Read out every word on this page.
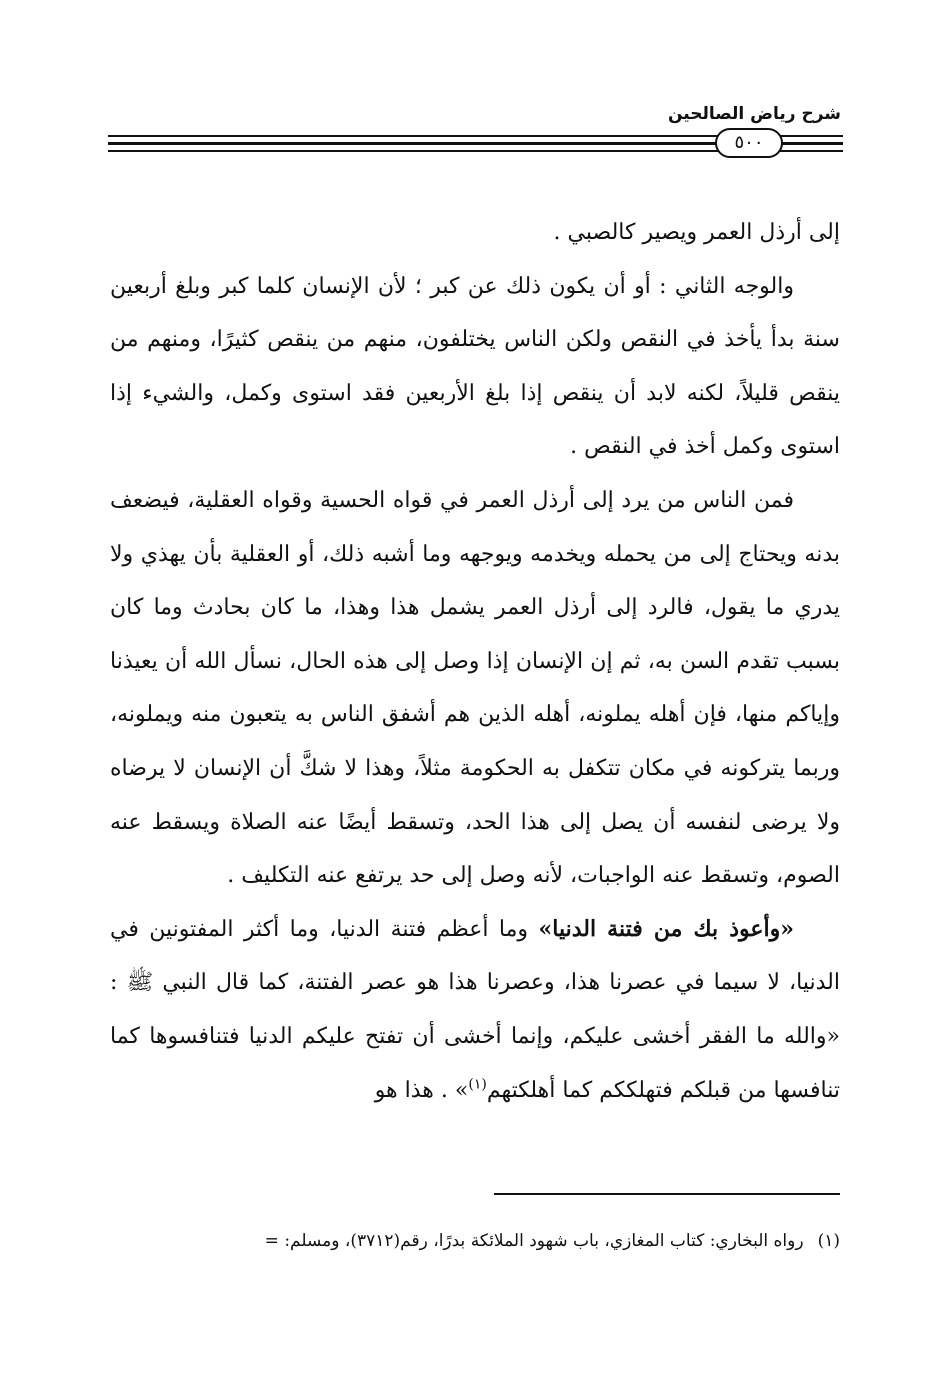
شرح رياض الصالحين
٥٠٠

إلى أرذل العمر ويصير كالصبي .

والوجه الثاني : أو أن يكون ذلك عن كبر ؛ لأن الإنسان كلما كبر وبلغ أربعين سنة بدأ يأخذ في النقص ولكن الناس يختلفون، منهم من ينقص كثيرًا، ومنهم من ينقص قليلاً، لكنه لابد أن ينقص إذا بلغ الأربعين فقد استوى وكمل، والشيء إذا استوى وكمل أخذ في النقص .

فمن الناس من يرد إلى أرذل العمر في قواه الحسية وقواه العقلية، فيضعف بدنه ويحتاج إلى من يحمله ويخدمه ويوجهه وما أشبه ذلك، أو العقلية بأن يهذي ولا يدري ما يقول، فالرد إلى أرذل العمر يشمل هذا وهذا، ما كان بحادث وما كان بسبب تقدم السن به، ثم إن الإنسان إذا وصل إلى هذه الحال، نسأل الله أن يعيذنا وإياكم منها، فإن أهله يملونه، أهله الذين هم أشفق الناس به يتعبون منه ويملونه، وربما يتركونه في مكان تتكفل به الحكومة مثلاً، وهذا لا شكَّ أن الإنسان لا يرضاه ولا يرضى لنفسه أن يصل إلى هذا الحد، وتسقط أيضًا عنه الصلاة ويسقط عنه الصوم، وتسقط عنه الواجبات، لأنه وصل إلى حد يرتفع عنه التكليف .

«وأعوذ بك من فتنة الدنيا» وما أعظم فتنة الدنيا، وما أكثر المفتونين في الدنيا، لا سيما في عصرنا هذا، وعصرنا هذا هو عصر الفتنة، كما قال النبي ﷺ : «والله ما الفقر أخشى عليكم، وإنما أخشى أن تفتح عليكم الدنيا فتنافسوها كما تنافسها من قبلكم فتهلككم كما أهلكتهم$^{(١)}$» . هذا هو

(١)رواه البخاري: كتاب المغازي، باب شهود الملائكة بدرًا، رقم(٣٧١٢)، ومسلم: =
